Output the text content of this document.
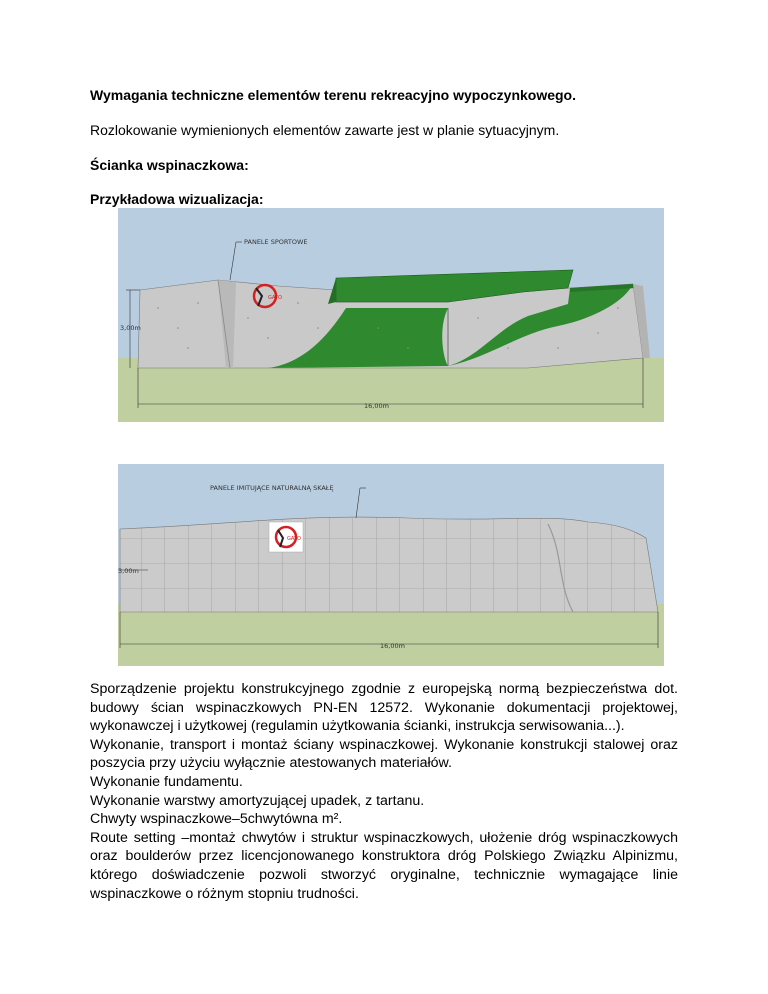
Wymagania techniczne elementów terenu rekreacyjno wypoczynkowego.
Rozlokowanie wymienionych elementów zawarte jest w planie sytuacyjnym.
Ścianka wspinaczkowa:
Przykładowa wizualizacja:
GATO
PANELE SPORTOWE
3,00m
16,00m
GATO
PANELE IMITUJĄCE NATURALNĄ SKAŁĘ
3,00m
16,00m

Sporządzenie projektu konstrukcyjnego zgodnie z europejską normą bezpieczeństwa dot. budowy ścian wspinaczkowych PN-EN 12572. Wykonanie dokumentacji projektowej, wykonawczej i użytkowej (regulamin użytkowania ścianki, instrukcja serwisowania...).

Wykonanie, transport i montaż ściany wspinaczkowej. Wykonanie konstrukcji stalowej oraz poszycia przy użyciu wyłącznie atestowanych materiałów.

Wykonanie fundamentu.

Wykonanie warstwy amortyzującej upadek, z tartanu.

Chwyty wspinaczkowe–5chwytówna m².

Route setting –montaż chwytów i struktur wspinaczkowych, ułożenie dróg wspinaczkowych oraz boulderów przez licencjonowanego konstruktora dróg Polskiego Związku Alpinizmu, którego doświadczenie pozwoli stworzyć oryginalne, technicznie wymagające linie wspinaczkowe o różnym stopniu trudności.
